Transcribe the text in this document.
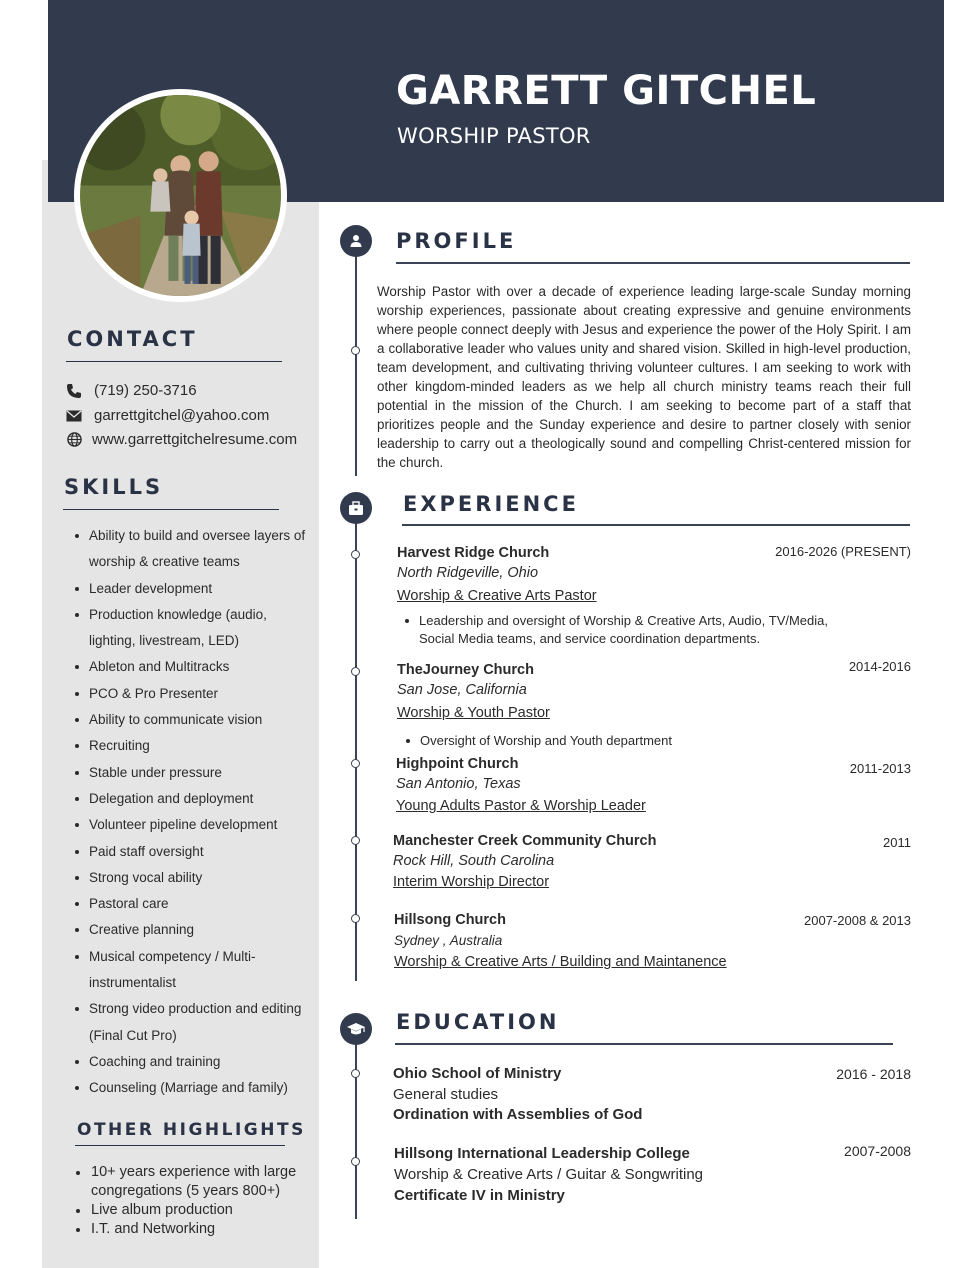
GARRETT GITCHEL
WORSHIP PASTOR
CONTACT
(719) 250-3716
garrettgitchel@yahoo.com
www.garrettgitchelresume.com
SKILLS
Ability to build and oversee layers of worship & creative teams
Leader development
Production knowledge (audio, lighting, livestream, LED)
Ableton and Multitracks
PCO & Pro Presenter
Ability to communicate vision
Recruiting
Stable under pressure
Delegation and deployment
Volunteer pipeline development
Paid staff oversight
Strong vocal ability
Pastoral care
Creative planning
Musical competency / Multi-instrumentalist
Strong video production and editing (Final Cut Pro)
Coaching and training
Counseling (Marriage and family)
OTHER HIGHLIGHTS
10+ years experience with large congregations (5 years 800+)
Live album production
I.T. and Networking
PROFILE
Worship Pastor with over a decade of experience leading large-scale Sunday morning worship experiences, passionate about creating expressive and genuine environments where people connect deeply with Jesus and experience the power of the Holy Spirit. I am a collaborative leader who values unity and shared vision. Skilled in high-level production, team development, and cultivating thriving volunteer cultures. I am seeking to work with other kingdom-minded leaders as we help all church ministry teams reach their full potential in the mission of the Church. I am seeking to become part of a staff that prioritizes people and the Sunday experience and desire to partner closely with senior leadership to carry out a theologically sound and compelling Christ-centered mission for the church.
EXPERIENCE
Harvest Ridge Church	2016-2026 (PRESENT)
North Ridgeville, Ohio
Worship & Creative Arts Pastor
Leadership and oversight of Worship & Creative Arts, Audio, TV/Media, Social Media teams, and service coordination departments.
TheJourney Church	2014-2016
San Jose, California
Worship & Youth Pastor
Oversight of Worship and Youth department
Highpoint Church	2011-2013
San Antonio, Texas
Young Adults Pastor & Worship Leader
Manchester Creek Community Church	2011
Rock Hill, South Carolina
Interim Worship Director
Hillsong Church	2007-2008 & 2013
Sydney , Australia
Worship & Creative Arts / Building and Maintanence
EDUCATION
Ohio School of Ministry	2016 - 2018
General studies
Ordination with Assemblies of God
Hillsong International Leadership College	2007-2008
Worship & Creative Arts / Guitar & Songwriting
Certificate IV in Ministry
